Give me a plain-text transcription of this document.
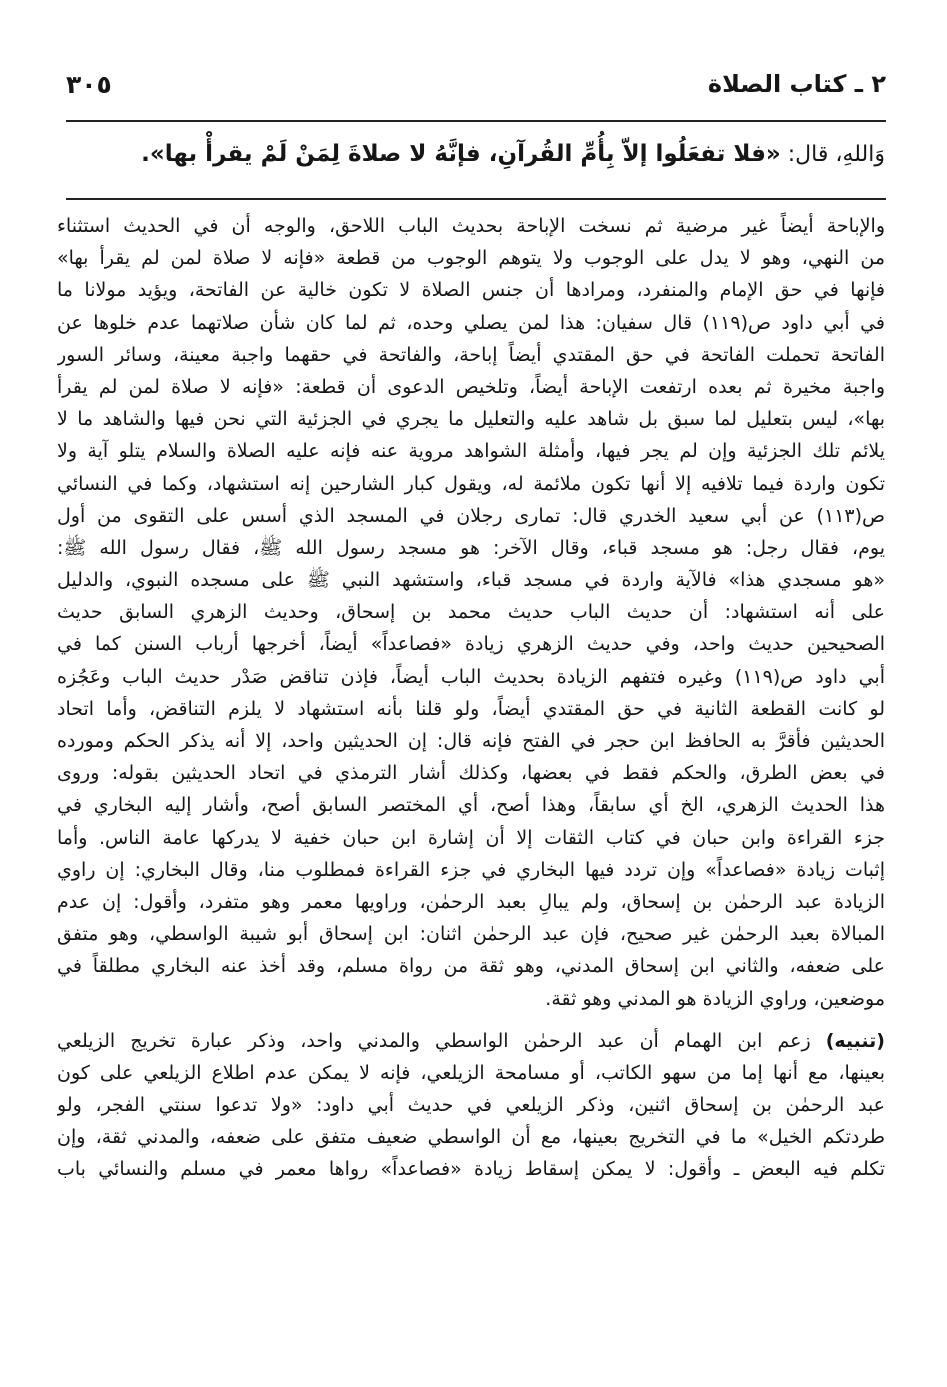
٣٠٥	٢ ـ كتاب الصلاة
وَاللهِ، قال: «فلا تفعَلُوا إلاّ بِأُمِّ القُرآنِ، فإنَّهُ لا صلاةَ لِمَنْ لَمْ يقرأْ بها».
والإباحة أيضاً غير مرضية ثم نسخت الإباحة بحديث الباب اللاحق، والوجه أن في الحديث استثناء
من النهي، وهو لا يدل على الوجوب ولا يتوهم الوجوب من قطعة «فإنه لا صلاة لمن لم يقرأ بها»
فإنها في حق الإمام والمنفرد، ومرادها أن جنس الصلاة لا تكون خالية عن الفاتحة، ويؤيد مولانا ما
في أبي داود ص(١١٩) قال سفيان: هذا لمن يصلي وحده، ثم لما كان شأن صلاتهما عدم خلوها عن
الفاتحة تحملت الفاتحة في حق المقتدي أيضاً إباحة، والفاتحة في حقهما واجبة معينة، وسائر السور
واجبة مخيرة ثم بعده ارتفعت الإباحة أيضاً، وتلخيص الدعوى أن قطعة: «فإنه لا صلاة لمن لم يقرأ
بها»، ليس بتعليل لما سبق بل شاهد عليه والتعليل ما يجري في الجزئية التي نحن فيها والشاهد ما لا
يلائم تلك الجزئية وإن لم يجر فيها، وأمثلة الشواهد مروية عنه فإنه عليه الصلاة والسلام يتلو آية ولا
تكون واردة فيما تلافيه إلا أنها تكون ملائمة له، ويقول كبار الشارحين إنه استشهاد، وكما في النسائي
ص(١١٣) عن أبي سعيد الخدري قال: تمارى رجلان في المسجد الذي أسس على التقوى من أول
يوم، فقال رجل: هو مسجد قباء، وقال الآخر: هو مسجد رسول الله ﷺ، فقال رسول الله ﷺ:
«هو مسجدي هذا» فالآية واردة في مسجد قباء، واستشهد النبي ﷺ على مسجده النبوي، والدليل
على أنه استشهاد: أن حديث الباب حديث محمد بن إسحاق، وحديث الزهري السابق حديث
الصحيحين حديث واحد، وفي حديث الزهري زيادة «فصاعداً» أيضاً، أخرجها أرباب السنن كما في
أبي داود ص(١١٩) وغيره فتفهم الزيادة بحديث الباب أيضاً، فإذن تناقض صَدْر حديث الباب وعَجُزه
لو كانت القطعة الثانية في حق المقتدي أيضاً، ولو قلنا بأنه استشهاد لا يلزم التناقض، وأما اتحاد
الحديثين فأقرَّ به الحافظ ابن حجر في الفتح فإنه قال: إن الحديثين واحد، إلا أنه يذكر الحكم ومورده
في بعض الطرق، والحكم فقط في بعضها، وكذلك أشار الترمذي في اتحاد الحديثين بقوله: وروى
هذا الحديث الزهري، الخ أي سابقاً، وهذا أصح، أي المختصر السابق أصح، وأشار إليه البخاري في
جزء القراءة وابن حبان في كتاب الثقات إلا أن إشارة ابن حبان خفية لا يدركها عامة الناس. وأما
إثبات زيادة «فصاعداً» وإن تردد فيها البخاري في جزء القراءة فمطلوب منا، وقال البخاري: إن راوي
الزيادة عبد الرحمٰن بن إسحاق، ولم يبالِ بعبد الرحمٰن، وراويها معمر وهو متفرد، وأقول: إن عدم
المبالاة بعبد الرحمٰن غير صحيح، فإن عبد الرحمٰن اثنان: ابن إسحاق أبو شيبة الواسطي، وهو متفق
على ضعفه، والثاني ابن إسحاق المدني، وهو ثقة من رواة مسلم، وقد أخذ عنه البخاري مطلقاً في
موضعين، وراوي الزيادة هو المدني وهو ثقة.
(تنبيه) زعم ابن الهمام أن عبد الرحمٰن الواسطي والمدني واحد، وذكر عبارة تخريج الزيلعي
بعينها، مع أنها إما من سهو الكاتب، أو مسامحة الزيلعي، فإنه لا يمكن عدم اطلاع الزيلعي على كون
عبد الرحمٰن بن إسحاق اثنين، وذكر الزيلعي في حديث أبي داود: «ولا تدعوا سنتي الفجر، ولو
طردتكم الخيل» ما في التخريج بعينها، مع أن الواسطي ضعيف متفق على ضعفه، والمدني ثقة، وإن
تكلم فيه البعض ـ وأقول: لا يمكن إسقاط زيادة «فصاعداً» رواها معمر في مسلم والنسائي باب
